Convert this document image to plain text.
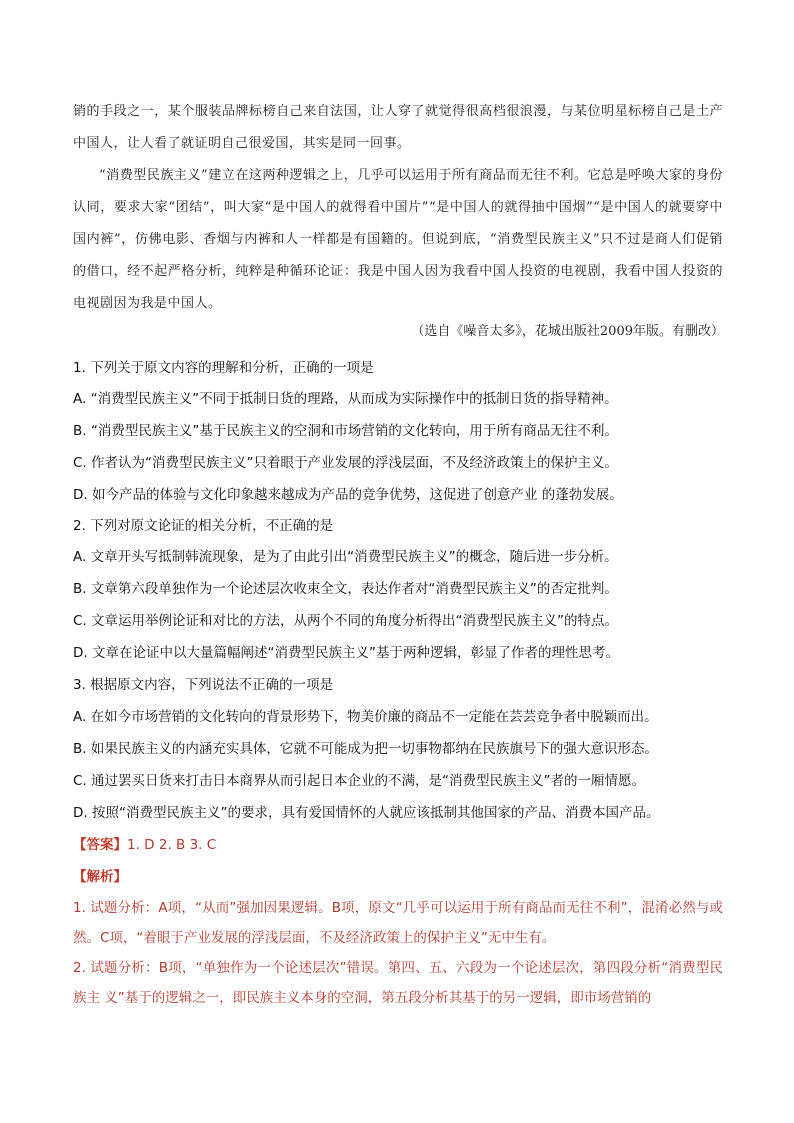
销的手段之一，某个服装品牌标榜自己来自法国，让人穿了就觉得很高档很浪漫，与某位明星标榜自己是土产中国人，让人看了就证明自己很爱国，其实是同一回事。

“消费型民族主义”建立在这两种逻辑之上，几乎可以运用于所有商品而无往不利。它总是呼唤大家的身份认同，要求大家“团结”，叫大家“是中国人的就得看中国片”“是中国人的就得抽中国烟”“是中国人的就要穿中国内裤”，仿佛电影、香烟与内裤和人一样都是有国籍的。但说到底，“消费型民族主义”只不过是商人们促销的借口，经不起严格分析，纯粹是种循环论证：我是中国人因为我看中国人投资的电视剧，我看中国人投资的电视剧因为我是中国人。

（选自《噪音太多》，花城出版社2009年版。有删改）
1. 下列关于原文内容的理解和分析，正确的一项是
A. “消费型民族主义”不同于抵制日货的理路，从而成为实际操作中的抵制日货的指导精神。
B. “消费型民族主义”基于民族主义的空洞和市场营销的文化转向，用于所有商品无往不利。
C. 作者认为“消费型民族主义”只着眼于产业发展的浮浅层面，不及经济政策上的保护主义。
D. 如今产品的体验与文化印象越来越成为产品的竞争优势，这促进了创意产业 的蓬勃发展。
2. 下列对原文论证的相关分析，不正确的是
A. 文章开头写抵制韩流现象，是为了由此引出“消费型民族主义”的概念，随后进一步分析。
B. 文章第六段单独作为一个论述层次收束全文，表达作者对“消费型民族主义”的否定批判。
C. 文章运用举例论证和对比的方法，从两个不同的角度分析得出“消费型民族主义”的特点。
D. 文章在论证中以大量篇幅阐述“消费型民族主义”基于两种逻辑，彰显了作者的理性思考。
3. 根据原文内容，下列说法不正确的一项是
A. 在如今市场营销的文化转向的背景形势下，物美价廉的商品不一定能在芸芸竞争者中脱颖而出。
B. 如果民族主义的内涵充实具体，它就不可能成为把一切事物都纳在民族旗号下的强大意识形态。
C. 通过罢买日货来打击日本商界从而引起日本企业的不满，是“消费型民族主义”者的一厢情愿。
D. 按照“消费型民族主义”的要求，具有爱国情怀的人就应该抵制其他国家的产品、消费本国产品。
【答案】1. D 2. B 3. C
【解析】

1. 试题分析：A项，“从而”强加因果逻辑。B项，原文“几乎可以运用于所有商品而无往不利”，混淆必然与或然。C项，“着眼于产业发展的浮浅层面，不及经济政策上的保护主义”无中生有。

2. 试题分析：B项，“单独作为一个论述层次”错误。第四、五、六段为一个论述层次，第四段分析“消费型民族主 义”基于的逻辑之一，即民族主义本身的空洞，第五段分析其基于的另一逻辑，即市场营销的
